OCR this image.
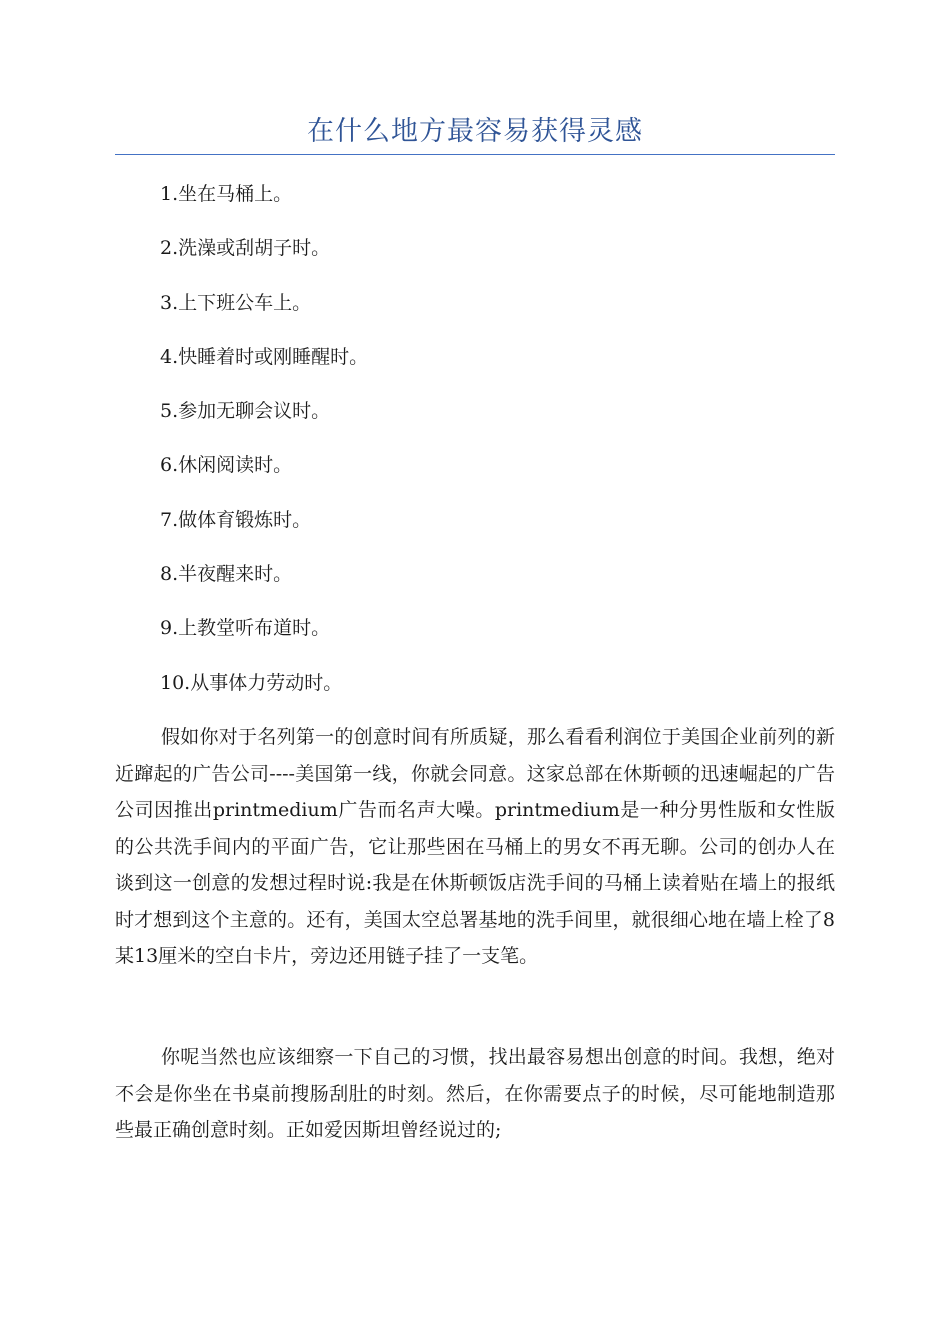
在什么地方最容易获得灵感
1.坐在马桶上。
2.洗澡或刮胡子时。
3.上下班公车上。
4.快睡着时或刚睡醒时。
5.参加无聊会议时。
6.休闲阅读时。
7.做体育锻炼时。
8.半夜醒来时。
9.上教堂听布道时。
10.从事体力劳动时。

假如你对于名列第一的创意时间有所质疑，那么看看利润位于美国企业前列的新近蹿起的广告公司----美国第一线，你就会同意。这家总部在休斯顿的迅速崛起的广告公司因推出printmedium广告而名声大噪。printmedium是一种分男性版和女性版的公共洗手间内的平面广告，它让那些困在马桶上的男女不再无聊。公司的创办人在谈到这一创意的发想过程时说:我是在休斯顿饭店洗手间的马桶上读着贴在墙上的报纸时才想到这个主意的。还有，美国太空总署基地的洗手间里，就很细心地在墙上栓了8某13厘米的空白卡片，旁边还用链子挂了一支笔。

你呢当然也应该细察一下自己的习惯，找出最容易想出创意的时间。我想，绝对不会是你坐在书桌前搜肠刮肚的时刻。然后，在你需要点子的时候，尽可能地制造那些最正确创意时刻。正如爱因斯坦曾经说过的;
